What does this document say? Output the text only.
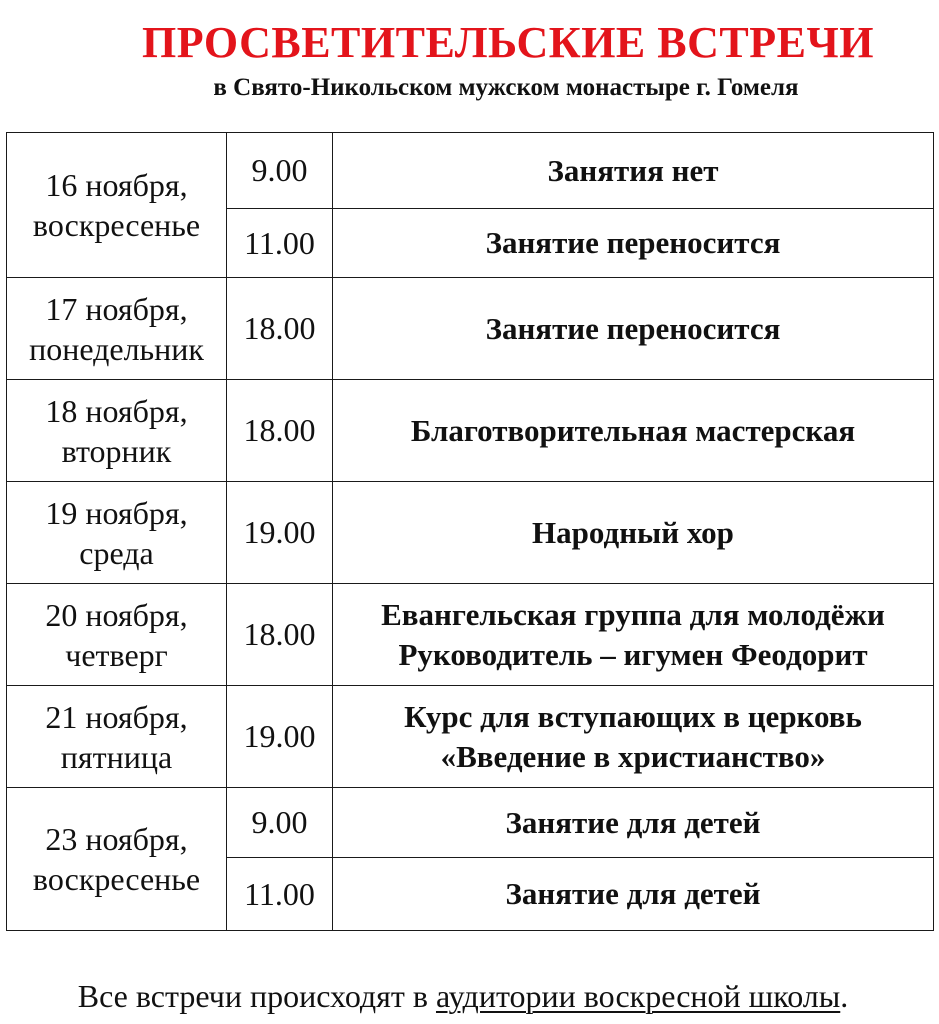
ПРОСВЕТИТЕЛЬСКИЕ ВСТРЕЧИ
в Свято-Никольском мужском монастыре г. Гомеля
16 ноября,
воскресенье	9.00	Занятия нет

	11.00	Занятие переносится

17 ноября,
понедельник	18.00	Занятие переносится

18 ноября,
вторник	18.00	Благотворительная мастерская

19 ноября,
среда	19.00	Народный хор

20 ноября,
четверг	18.00	Евангельская группа для молодёжи
Руководитель – игумен Феодорит

21 ноября,
пятница	19.00	Курс для вступающих в церковь
«Введение в христианство»

23 ноября,
воскресенье	9.00	Занятие для детей

	11.00	Занятие для детей
Все встречи происходят в аудитории воскресной школы.
